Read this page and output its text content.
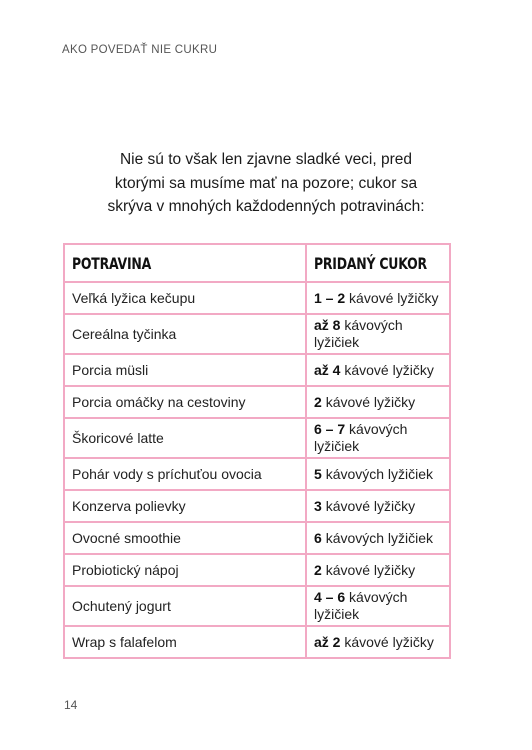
AKO POVEDAŤ NIE CUKRU
Nie sú to však len zjavne sladké veci, pred
ktorými sa musíme mať na pozore; cukor sa
skrýva v mnohých každodenných potravinách:
POTRAVINA	PRIDANÝ CUKOR
Veľká lyžica kečupu	1 – 2 kávové lyžičky
Cereálna tyčinka	až 8 kávových lyžičiek
Porcia müsli	až 4 kávové lyžičky
Porcia omáčky na cestoviny	2 kávové lyžičky
Škoricové latte	6 – 7 kávových lyžičiek
Pohár vody s príchuťou ovocia	5 kávových lyžičiek
Konzerva polievky	3 kávové lyžičky
Ovocné smoothie	6 kávových lyžičiek
Probiotický nápoj	2 kávové lyžičky
Ochutený jogurt	4 – 6 kávových lyžičiek
Wrap s falafelom	až 2 kávové lyžičky
14
